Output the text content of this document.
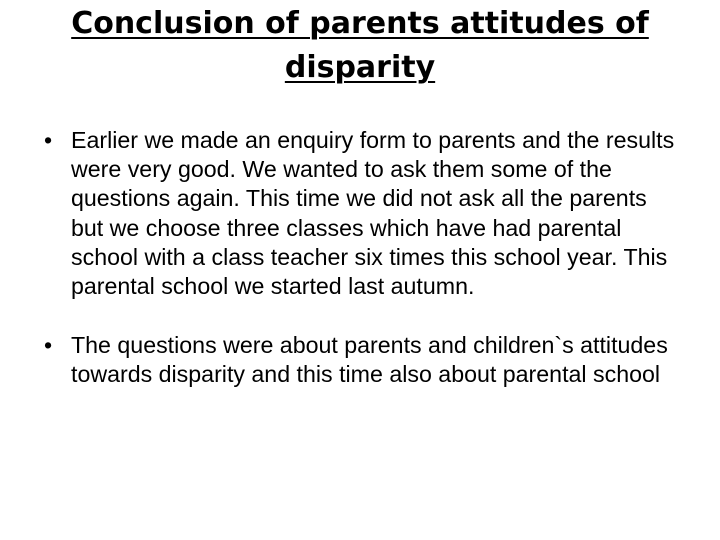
Conclusion of parents attitudes of disparity
• Earlier we made an enquiry form to parents and the results were very good. We wanted to ask them some of the questions again. This time we did not ask all the parents but we choose three classes which have had parental school with a class teacher six times this school year. This parental school we started last autumn.
• The questions were about parents and children`s attitudes towards disparity and this time also about parental school
